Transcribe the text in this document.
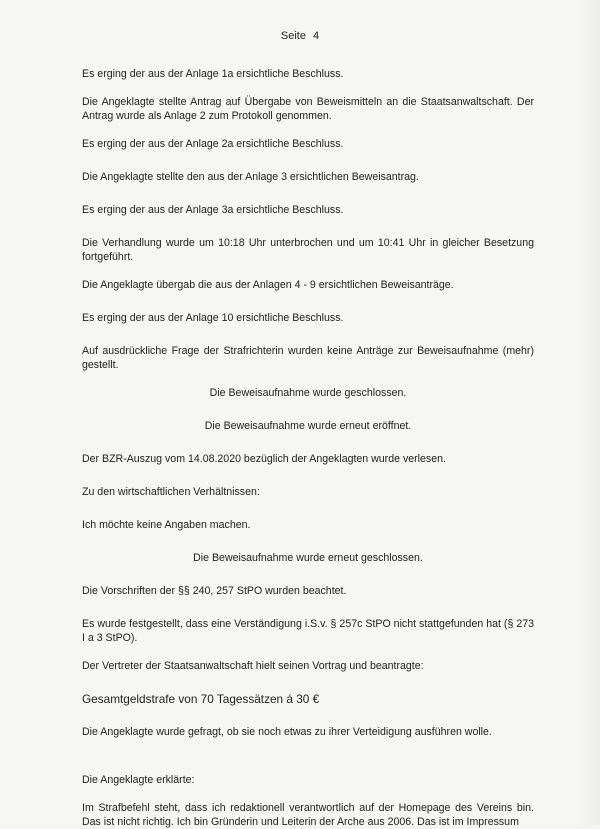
Seite 4

Es erging der aus der Anlage 1a ersichtliche Beschluss.

Die Angeklagte stellte Antrag auf Übergabe von Beweismitteln an die Staatsanwaltschaft. Der Antrag wurde als Anlage 2 zum Protokoll genommen.

Es erging der aus der Anlage 2a ersichtliche Beschluss.

Die Angeklagte stellte den aus der Anlage 3 ersichtlichen Beweisantrag.

Es erging der aus der Anlage 3a ersichtliche Beschluss.

Die Verhandlung wurde um 10:18 Uhr unterbrochen und um 10:41 Uhr in gleicher Besetzung fortgeführt.

Die Angeklagte übergab die aus der Anlagen 4 - 9 ersichtlichen Beweisanträge.

Es erging der aus der Anlage 10 ersichtliche Beschluss.

Auf ausdrückliche Frage der Strafrichterin wurden keine Anträge zur Beweisaufnahme (mehr) gestellt.

Die Beweisaufnahme wurde geschlossen.

Die Beweisaufnahme wurde erneut eröffnet.

Der BZR-Auszug vom 14.08.2020 bezüglich der Angeklagten wurde verlesen.

Zu den wirtschaftlichen Verhältnissen:

Ich möchte keine Angaben machen.

Die Beweisaufnahme wurde erneut geschlossen.

Die Vorschriften der §§ 240, 257 StPO wurden beachtet.

Es wurde festgestellt, dass eine Verständigung i.S.v. § 257c StPO nicht stattgefunden hat (§ 273 I a 3 StPO).

Der Vertreter der Staatsanwaltschaft hielt seinen Vortrag und beantragte:

Gesamtgeldstrafe von 70 Tagessätzen á 30 €

Die Angeklagte wurde gefragt, ob sie noch etwas zu ihrer Verteidigung ausführen wolle.

Die Angeklagte erklärte:

Im Strafbefehl steht, dass ich redaktionell verantwortlich auf der Homepage des Vereins bin. Das ist nicht richtig. Ich bin Gründerin und Leiterin der Arche aus 2006. Das ist im Impressum
